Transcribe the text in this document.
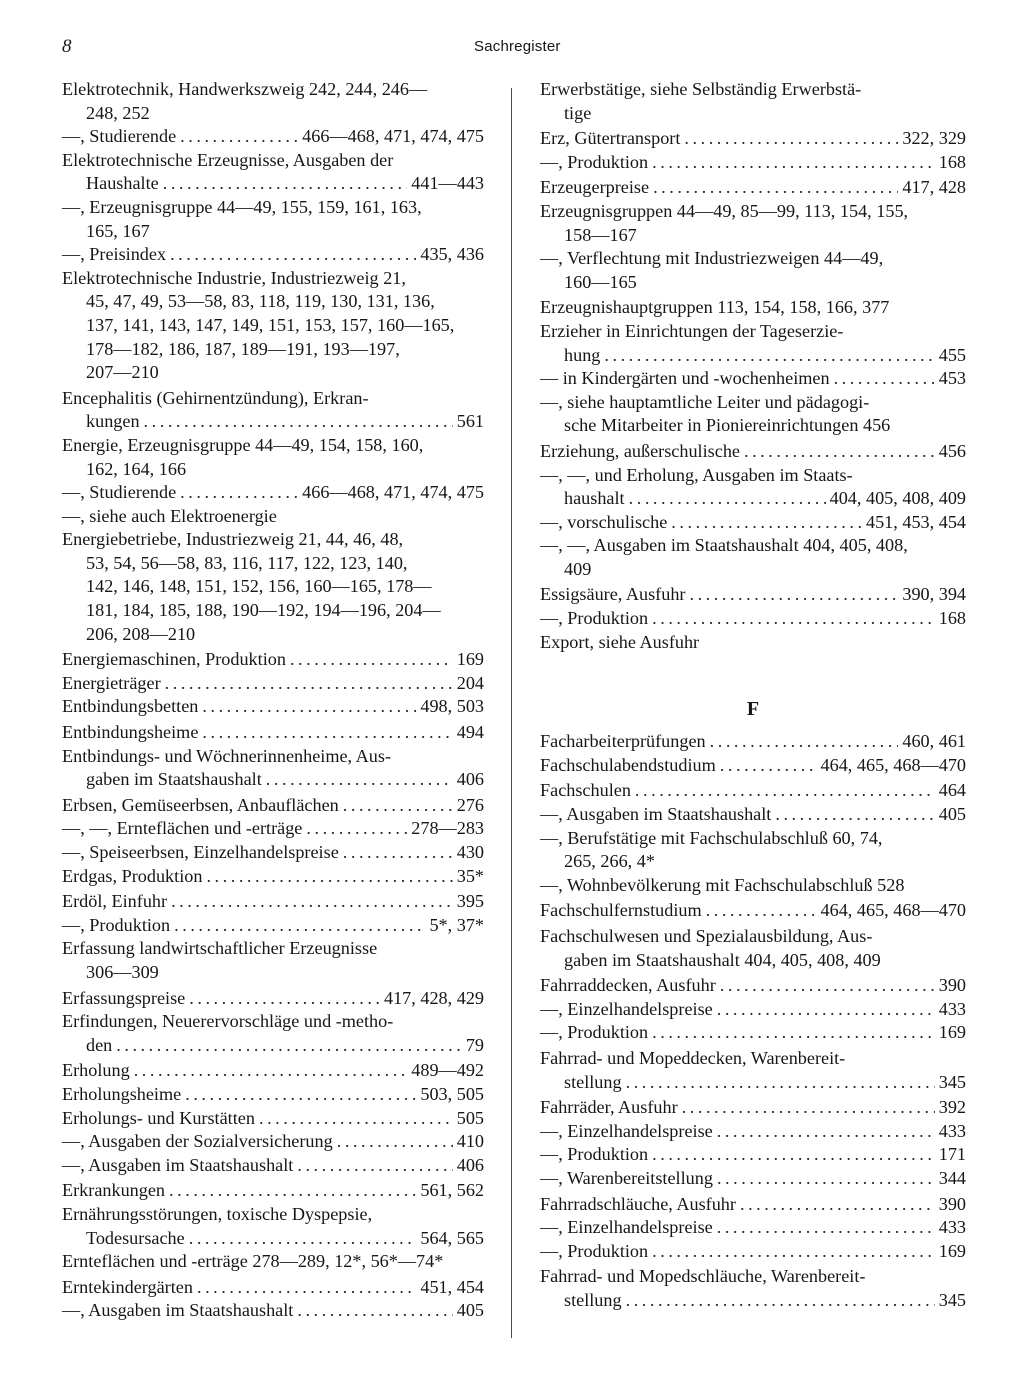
8	Sachregister
Elektrotechnik, Handwerkszweig 242, 244, 246—
248, 252
—, Studierende . . .	466—468, 471, 474, 475
Elektrotechnische Erzeugnisse, Ausgaben der
Haushalte . . .	441—443
—, Erzeugnisgruppe 44—49, 155, 159, 161, 163,
165, 167
—, Preisindex . . .	435, 436
Elektrotechnische Industrie, Industriezweig 21,
45, 47, 49, 53—58, 83, 118, 119, 130, 131, 136,
137, 141, 143, 147, 149, 151, 153, 157, 160—165,
178—182, 186, 187, 189—191, 193—197,
207—210
Encephalitis (Gehirnentzündung), Erkran-
kungen . . .	561
Energie, Erzeugnisgruppe 44—49, 154, 158, 160,
162, 164, 166
—, Studierende . . .	466—468, 471, 474, 475
—, siehe auch Elektroenergie
Energiebetriebe, Industriezweig 21, 44, 46, 48,
53, 54, 56—58, 83, 116, 117, 122, 123, 140,
142, 146, 148, 151, 152, 156, 160—165, 178—
181, 184, 185, 188, 190—192, 194—196, 204—
206, 208—210
Energiemaschinen, Produktion . . .	169
Energieträger . . .	204
Entbindungsbetten . . .	498, 503
Entbindungsheime . . .	494
Entbindungs- und Wöchnerinnenheime, Aus-
gaben im Staatshaushalt . . .	406
Erbsen, Gemüseerbsen, Anbauflächen . . .	276
—, —, Ernteflächen und -erträge . . .	278—283
—, Speiseerbsen, Einzelhandelspreise . . .	430
Erdgas, Produktion . . .	35*
Erdöl, Einfuhr . . .	395
—, Produktion . . .	5*, 37*
Erfassung landwirtschaftlicher Erzeugnisse
306—309
Erfassungspreise . . .	417, 428, 429
Erfindungen, Neuerervorschläge und -metho-
den . . .	79
Erholung . . .	489—492
Erholungsheime . . .	503, 505
Erholungs- und Kurstätten . . .	505
—, Ausgaben der Sozialversicherung . . .	410
—, Ausgaben im Staatshaushalt . . .	406
Erkrankungen . . .	561, 562
Ernährungsstörungen, toxische Dyspepsie,
Todesursache . . .	564, 565
Ernteflächen und -erträge 278—289, 12*, 56*—74*
Erntekindergärten . . .	451, 454
—, Ausgaben im Staatshaushalt . . .	405
Erwerbstätige, siehe Selbständig Erwerbstä-
tige
Erz, Gütertransport . . .	322, 329
—, Produktion . . .	168
Erzeugerpreise . . .	417, 428
Erzeugnisgruppen 44—49, 85—99, 113, 154, 155,
158—167
—, Verflechtung mit Industriezweigen 44—49,
160—165
Erzeugnishauptgruppen 113, 154, 158, 166, 377
Erzieher in Einrichtungen der Tageserzie-
hung . . .	455
— in Kindergärten und -wochenheimen . . .	453
—, siehe hauptamtliche Leiter und pädagogi-
sche Mitarbeiter in Pioniereinrichtungen 456
Erziehung, außerschulische . . .	456
—, —, und Erholung, Ausgaben im Staats-
haushalt . . .	404, 405, 408, 409
—, vorschulische . . .	451, 453, 454
—, —, Ausgaben im Staatshaushalt 404, 405, 408,
409
Essigsäure, Ausfuhr . . .	390, 394
—, Produktion . . .	168
Export, siehe Ausfuhr
F
Facharbeiterprüfungen . . .	460, 461
Fachschulabendstudium . . .	464, 465, 468—470
Fachschulen . . .	464
—, Ausgaben im Staatshaushalt . . .	405
—, Berufstätige mit Fachschulabschluß 60, 74,
265, 266, 4*
—, Wohnbevölkerung mit Fachschulabschluß 528
Fachschulfernstudium . . .	464, 465, 468—470
Fachschulwesen und Spezialausbildung, Aus-
gaben im Staatshaushalt 404, 405, 408, 409
Fahrraddecken, Ausfuhr . . .	390
—, Einzelhandelspreise . . .	433
—, Produktion . . .	169
Fahrrad- und Mopeddecken, Warenbereit-
stellung . . .	345
Fahrräder, Ausfuhr . . .	392
—, Einzelhandelspreise . . .	433
—, Produktion . . .	171
—, Warenbereitstellung . . .	344
Fahrradschläuche, Ausfuhr . . .	390
—, Einzelhandelspreise . . .	433
—, Produktion . . .	169
Fahrrad- und Mopedschläuche, Warenbereit-
stellung . . .	345
